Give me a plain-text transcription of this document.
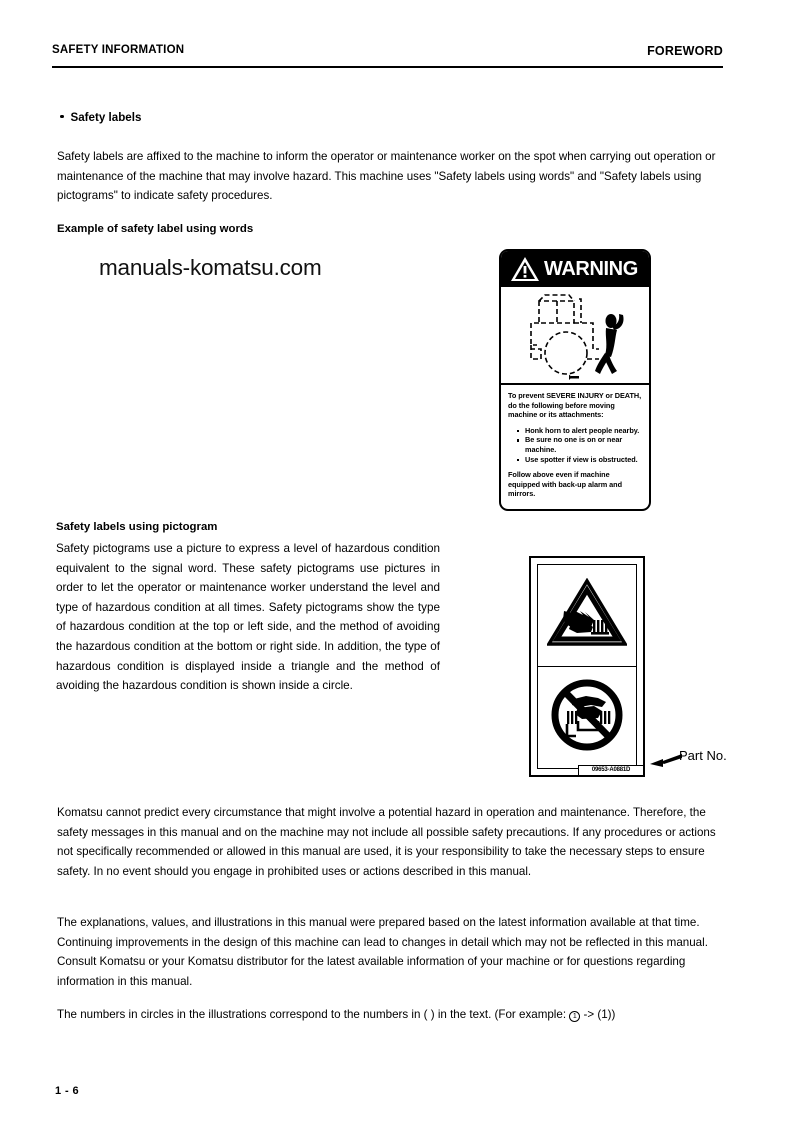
SAFETY INFORMATION	FOREWORD
Safety labels
Safety labels are affixed to the machine to inform the operator or maintenance worker on the spot when carrying out operation or maintenance of the machine that may involve hazard. This machine uses "Safety labels using words" and "Safety labels using pictograms" to indicate safety procedures.
Example of safety label using words
manuals-komatsu.com	WARNING
To prevent SEVERE INJURY or DEATH, do the following before moving machine or its attachments:
Honk horn to alert people nearby.
Be sure no one is on or near machine.
Use spotter if view is obstructed.
Follow above even if machine equipped with back-up alarm and mirrors.
Safety labels using pictogram
Safety pictograms use a picture to express a level of hazardous condition equivalent to the signal word. These safety pictograms use pictures in order to let the operator or maintenance worker understand the level and type of hazardous condition at all times. Safety pictograms show the type of hazardous condition at the top or left side, and the method of avoiding the hazardous condition at the bottom or right side. In addition, the type of hazardous condition is displayed inside a triangle and the method of avoiding the hazardous condition is shown inside a circle.
09653-A0881D
Part No.
Komatsu cannot predict every circumstance that might involve a potential hazard in operation and maintenance. Therefore, the safety messages in this manual and on the machine may not include all possible safety precautions. If any procedures or actions not specifically recommended or allowed in this manual are used, it is your responsibility to take the necessary steps to ensure safety. In no event should you engage in prohibited uses or actions described in this manual.
The explanations, values, and illustrations in this manual were prepared based on the latest information available at that time. Continuing improvements in the design of this machine can lead to changes in detail which may not be reflected in this manual. Consult Komatsu or your Komatsu distributor for the latest available information of your machine or for questions regarding information in this manual.
The numbers in circles in the illustrations correspond to the numbers in ( ) in the text. (For example: 1 -> (1))
1 - 6
